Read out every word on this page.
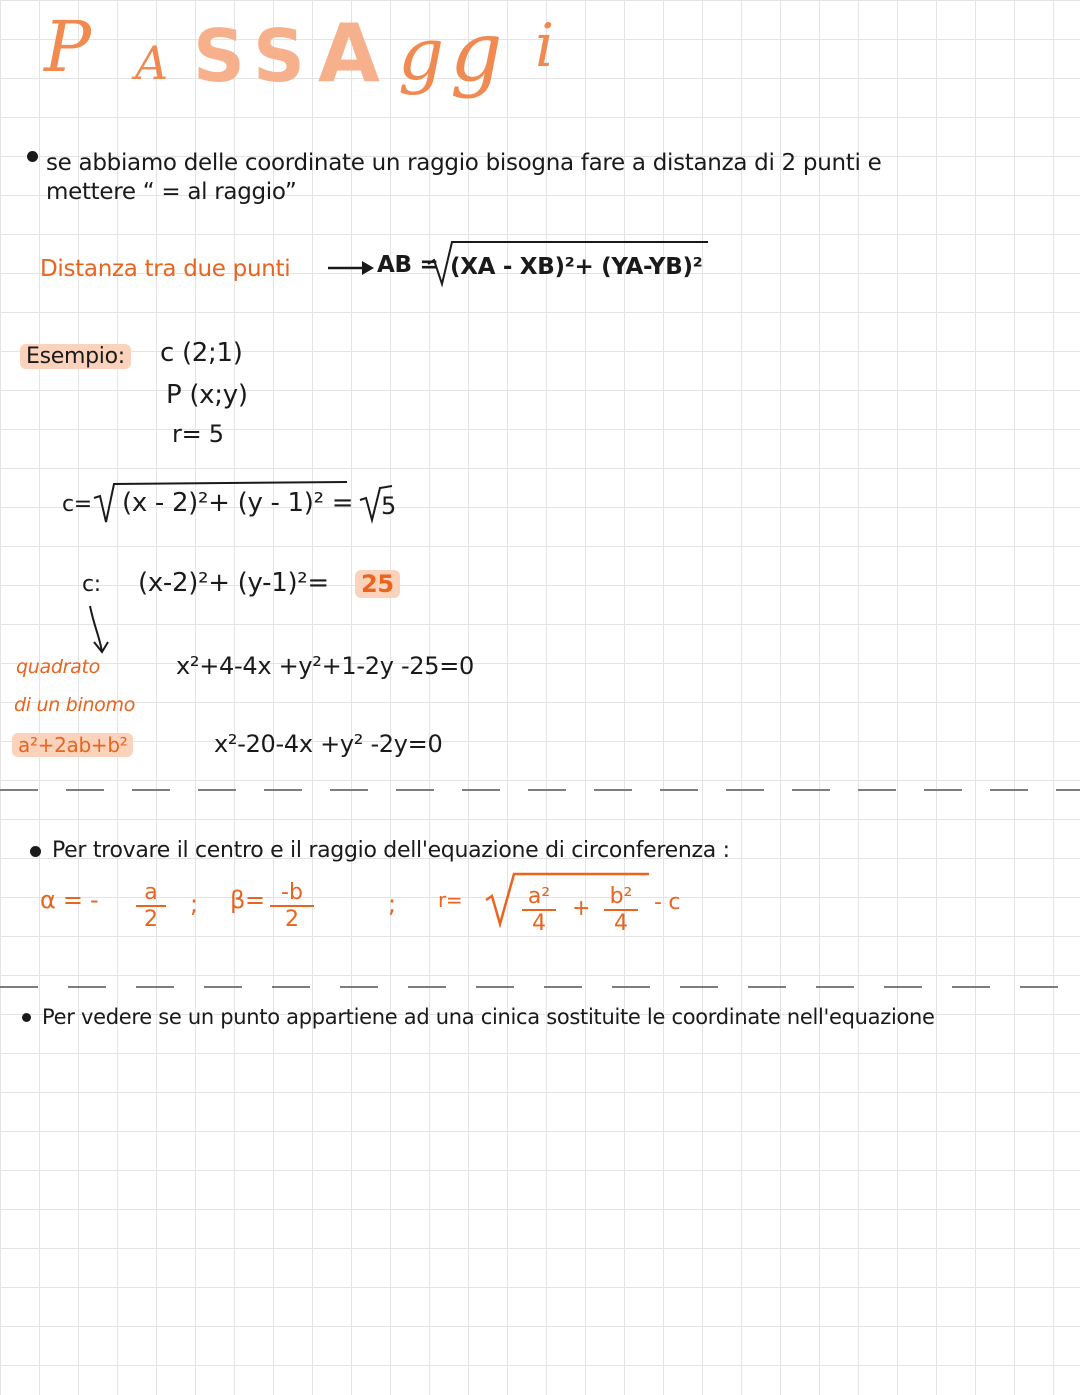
P A S S A g g i
se abbiamo delle coordinate un raggio bisogna fare a distanza di 2 punti e
mettere “ = al raggio”
Distanza tra due punti	AB = (XA - XB)²+ (YA-YB)²
Esempio: c (2;1)
P (x;y)
r= 5
c= (x - 2)²+ (y - 1)² = 5
c: (x-2)²+ (y-1)²= 25
quadrato
di un binomo
a²+2ab+b²
x²+4-4x +y²+1-2y -25=0
x²-20-4x +y² -2y=0
Per trovare il centro e il raggio dell'equazione di circonferenza :
α = - a
2
; β= -b
2
; r=	a²
4
+ b²
4
- c
Per vedere se un punto appartiene ad una cinica sostituite le coordinate nell'equazione
